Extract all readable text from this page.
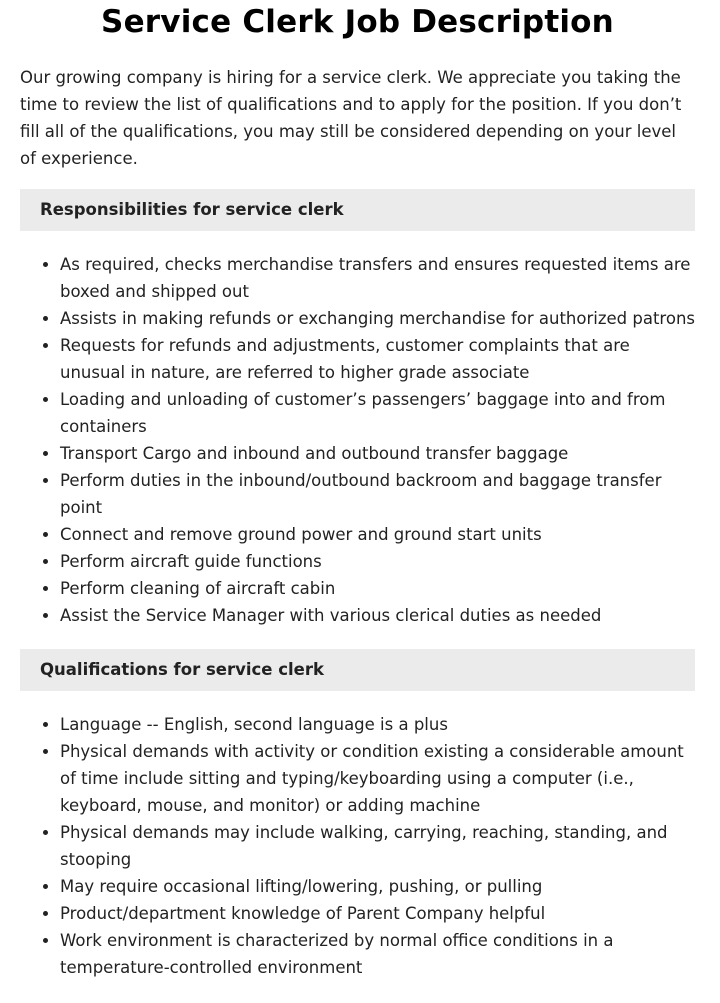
Service Clerk Job Description

Our growing company is hiring for a service clerk. We appreciate you taking the time to review the list of qualifications and to apply for the position. If you don’t fill all of the qualifications, you may still be considered depending on your level of experience.

Responsibilities for service clerk
• As required, checks merchandise transfers and ensures requested items are boxed and shipped out
• Assists in making refunds or exchanging merchandise for authorized patrons
• Requests for refunds and adjustments, customer complaints that are unusual in nature, are referred to higher grade associate
• Loading and unloading of customer’s passengers’ baggage into and from containers
• Transport Cargo and inbound and outbound transfer baggage
• Perform duties in the inbound/outbound backroom and baggage transfer point
• Connect and remove ground power and ground start units
• Perform aircraft guide functions
• Perform cleaning of aircraft cabin
• Assist the Service Manager with various clerical duties as needed
Qualifications for service clerk
• Language -- English, second language is a plus
• Physical demands with activity or condition existing a considerable amount of time include sitting and typing/keyboarding using a computer (i.e., keyboard, mouse, and monitor) or adding machine
• Physical demands may include walking, carrying, reaching, standing, and stooping
• May require occasional lifting/lowering, pushing, or pulling
• Product/department knowledge of Parent Company helpful
• Work environment is characterized by normal office conditions in a temperature-controlled environment
